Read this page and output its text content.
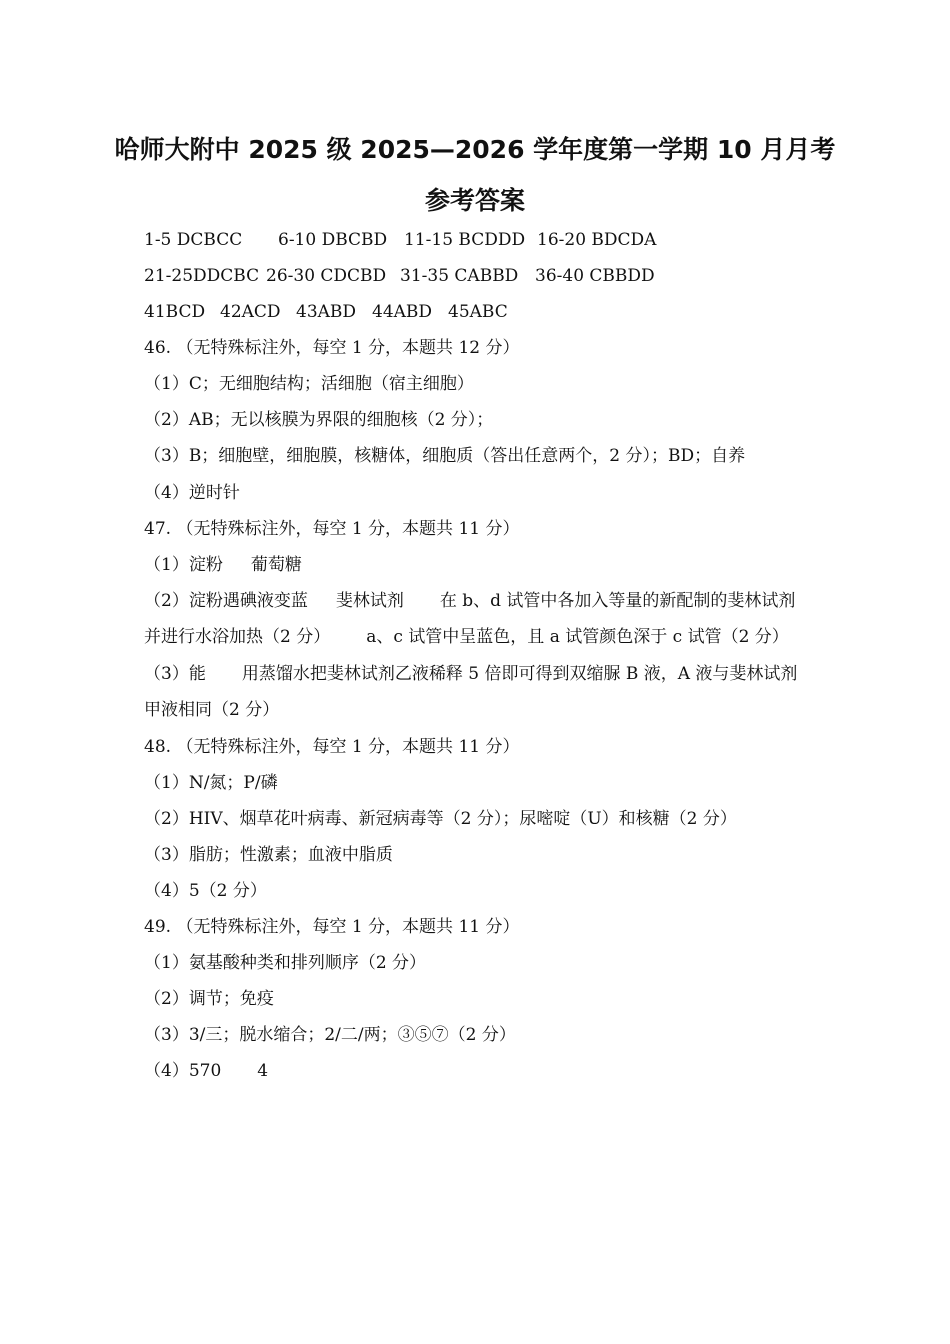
哈师大附中 2025 级 2025—2026 学年度第一学期 10 月月考
参考答案
1-5 DCBCC 6-10 DBCBD 11-15 BCDDD 16-20 BDCDA
21-25DDCBC 26-30 CDCBD 31-35 CABBD 36-40 CBBDD
41BCD 42ACD 43ABD 44ABD 45ABC
46. （无特殊标注外，每空 1 分，本题共 12 分）
（1）C；无细胞结构；活细胞（宿主细胞）
（2）AB；无以核膜为界限的细胞核（2 分）；
（3）B；细胞壁，细胞膜，核糖体，细胞质（答出任意两个，2 分）；BD；自养
（4）逆时针
47. （无特殊标注外，每空 1 分，本题共 11 分）
（1）淀粉 葡萄糖
（2）淀粉遇碘液变蓝 斐林试剂 在 b、d 试管中各加入等量的新配制的斐林试剂并进行水浴加热（2 分） a、c 试管中呈蓝色，且 a 试管颜色深于 c 试管（2 分）
（3）能 用蒸馏水把斐林试剂乙液稀释 5 倍即可得到双缩脲 B 液，A 液与斐林试剂甲液相同（2 分）
48. （无特殊标注外，每空 1 分，本题共 11 分）
（1）N/氮；P/磷
（2）HIV、烟草花叶病毒、新冠病毒等（2 分）；尿嘧啶（U）和核糖（2 分）
（3）脂肪；性激素；血液中脂质
（4）5（2 分）
49. （无特殊标注外，每空 1 分，本题共 11 分）
（1）氨基酸种类和排列顺序（2 分）
（2）调节；免疫
（3）3/三；脱水缩合；2/二/两；③⑤⑦（2 分）
（4）570 4
